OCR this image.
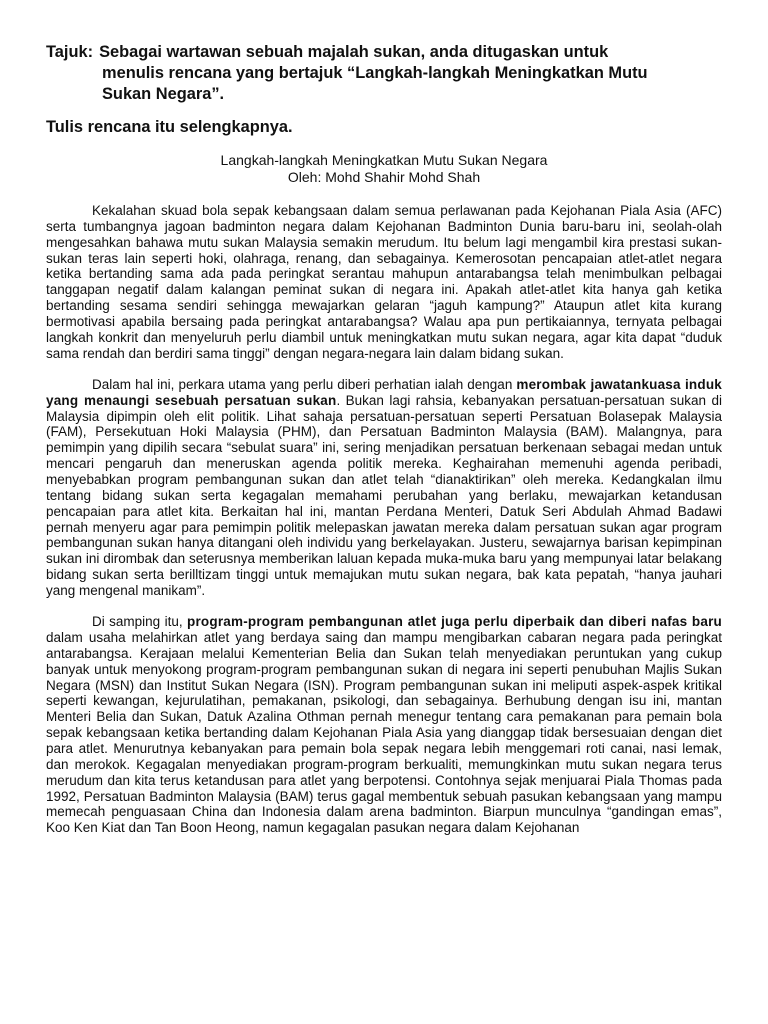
Tajuk: Sebagai wartawan sebuah majalah sukan, anda ditugaskan untuk
menulis rencana yang bertajuk “Langkah-langkah Meningkatkan Mutu
Sukan Negara”.
Tulis rencana itu selengkapnya.
Langkah-langkah Meningkatkan Mutu Sukan Negara
Oleh: Mohd Shahir Mohd Shah

Kekalahan skuad bola sepak kebangsaan dalam semua perlawanan pada Kejohanan Piala Asia (AFC) serta tumbangnya jagoan badminton negara dalam Kejohanan Badminton Dunia baru-baru ini, seolah-olah mengesahkan bahawa mutu sukan Malaysia semakin merudum. Itu belum lagi mengambil kira prestasi sukan-sukan teras lain seperti hoki, olahraga, renang, dan sebagainya. Kemerosotan pencapaian atlet-atlet negara ketika bertanding sama ada pada peringkat serantau mahupun antarabangsa telah menimbulkan pelbagai tanggapan negatif dalam kalangan peminat sukan di negara ini. Apakah atlet-atlet kita hanya gah ketika bertanding sesama sendiri sehingga mewajarkan gelaran “jaguh kampung?” Ataupun atlet kita kurang bermotivasi apabila bersaing pada peringkat antarabangsa? Walau apa pun pertikaiannya, ternyata pelbagai langkah konkrit dan menyeluruh perlu diambil untuk meningkatkan mutu sukan negara, agar kita dapat “duduk sama rendah dan berdiri sama tinggi” dengan negara-negara lain dalam bidang sukan.

Dalam hal ini, perkara utama yang perlu diberi perhatian ialah dengan merombak jawatankuasa induk yang menaungi sesebuah persatuan sukan. Bukan lagi rahsia, kebanyakan persatuan-persatuan sukan di Malaysia dipimpin oleh elit politik. Lihat sahaja persatuan-persatuan seperti Persatuan Bolasepak Malaysia (FAM), Persekutuan Hoki Malaysia (PHM), dan Persatuan Badminton Malaysia (BAM). Malangnya, para pemimpin yang dipilih secara “sebulat suara” ini, sering menjadikan persatuan berkenaan sebagai medan untuk mencari pengaruh dan meneruskan agenda politik mereka. Keghairahan memenuhi agenda peribadi, menyebabkan program pembangunan sukan dan atlet telah “dianaktirikan” oleh mereka. Kedangkalan ilmu tentang bidang sukan serta kegagalan memahami perubahan yang berlaku, mewajarkan ketandusan pencapaian para atlet kita. Berkaitan hal ini, mantan Perdana Menteri, Datuk Seri Abdulah Ahmad Badawi pernah menyeru agar para pemimpin politik melepaskan jawatan mereka dalam persatuan sukan agar program pembangunan sukan hanya ditangani oleh individu yang berkelayakan. Justeru, sewajarnya barisan kepimpinan sukan ini dirombak dan seterusnya memberikan laluan kepada muka-muka baru yang mempunyai latar belakang bidang sukan serta berilltizam tinggi untuk memajukan mutu sukan negara, bak kata pepatah, “hanya jauhari yang mengenal manikam”.

Di samping itu, program-program pembangunan atlet juga perlu diperbaik dan diberi nafas baru dalam usaha melahirkan atlet yang berdaya saing dan mampu mengibarkan cabaran negara pada peringkat antarabangsa. Kerajaan melalui Kementerian Belia dan Sukan telah menyediakan peruntukan yang cukup banyak untuk menyokong program-program pembangunan sukan di negara ini seperti penubuhan Majlis Sukan Negara (MSN) dan Institut Sukan Negara (ISN). Program pembangunan sukan ini meliputi aspek-aspek kritikal seperti kewangan, kejurulatihan, pemakanan, psikologi, dan sebagainya. Berhubung dengan isu ini, mantan Menteri Belia dan Sukan, Datuk Azalina Othman pernah menegur tentang cara pemakanan para pemain bola sepak kebangsaan ketika bertanding dalam Kejohanan Piala Asia yang dianggap tidak bersesuaian dengan diet para atlet. Menurutnya kebanyakan para pemain bola sepak negara lebih menggemari roti canai, nasi lemak, dan merokok. Kegagalan menyediakan program-program berkualiti, memungkinkan mutu sukan negara terus merudum dan kita terus ketandusan para atlet yang berpotensi. Contohnya sejak menjuarai Piala Thomas pada 1992, Persatuan Badminton Malaysia (BAM) terus gagal membentuk sebuah pasukan kebangsaan yang mampu memecah penguasaan China dan Indonesia dalam arena badminton. Biarpun munculnya “gandingan emas”, Koo Ken Kiat dan Tan Boon Heong, namun kegagalan pasukan negara dalam Kejohanan
